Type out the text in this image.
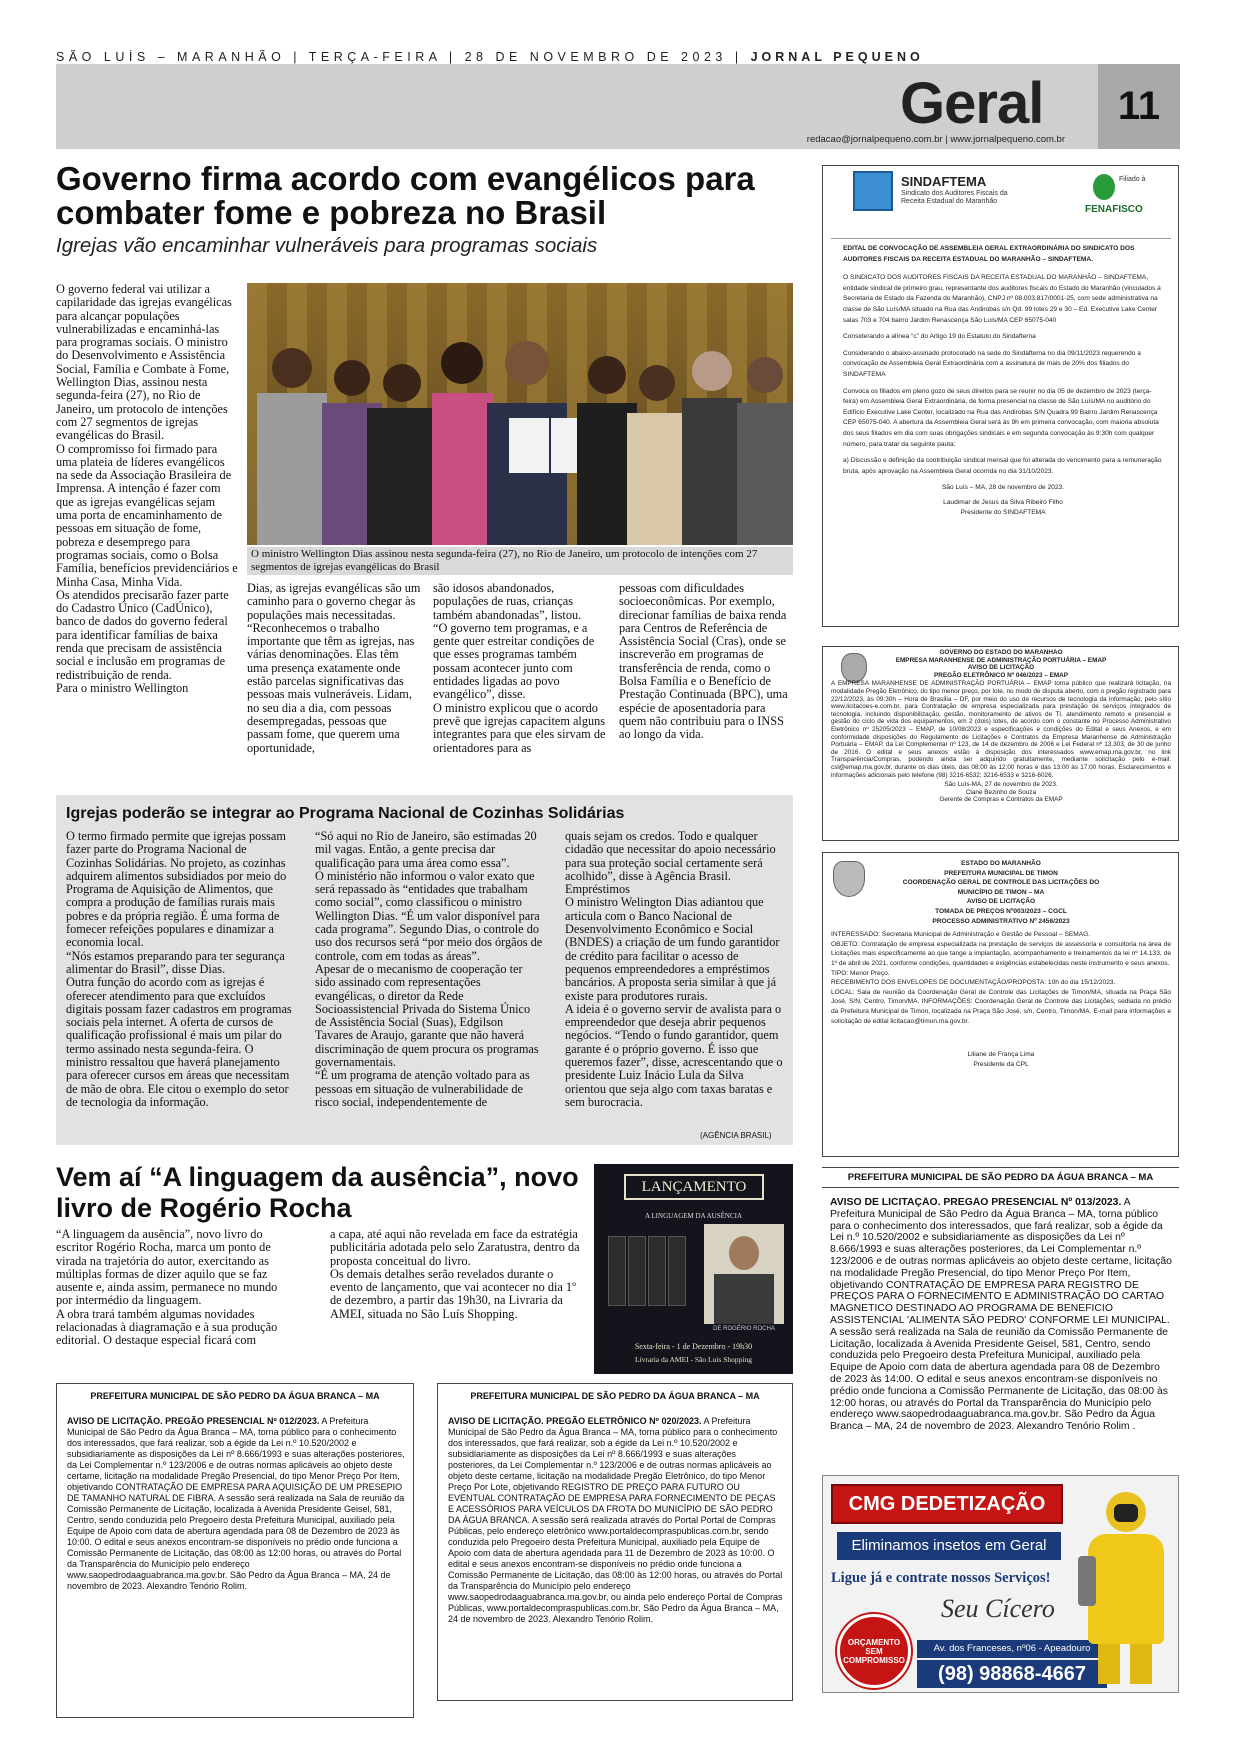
SÃO LUÍS – MARANHÃO | TERÇA-FEIRA | 28 DE NOVEMBRO DE 2023 | JORNAL PEQUENO
Geral	11
redacao@jornalpequeno.com.br | www.jornalpequeno.com.br
Governo firma acordo com evangélicos para combater fome e pobreza no Brasil
Igrejas vão encaminhar vulneráveis para programas sociais
O governo federal vai utilizar a capilaridade das igrejas evangélicas para alcançar populações vulnerabilizadas e encaminhá-las para programas sociais. O ministro do Desenvolvimento e Assistência Social, Família e Combate à Fome, Wellington Dias, assinou nesta segunda-feira (27), no Rio de Janeiro, um protocolo de intenções com 27 segmentos de igrejas evangélicas do Brasil.
O compromisso foi firmado para uma plateia de líderes evangélicos na sede da Associação Brasileira de Imprensa. A intenção é fazer com que as igrejas evangélicas sejam uma porta de encaminhamento de pessoas em situação de fome, pobreza e desemprego para programas sociais, como o Bolsa Família, benefícios previdenciários e Minha Casa, Minha Vida.
Os atendidos precisarão fazer parte do Cadastro Único (CadÚnico), banco de dados do governo federal para identificar famílias de baixa renda que precisam de assistência social e inclusão em programas de redistribuição de renda.
Para o ministro Wellington
O ministro Wellington Dias assinou nesta segunda-feira (27), no Rio de Janeiro, um protocolo de intenções com 27 segmentos de igrejas evangélicas do Brasil
Dias, as igrejas evangélicas são um caminho para o governo chegar às populações mais necessitadas. “Reconhecemos o trabalho importante que têm as igrejas, nas várias denominações. Elas têm uma presença exatamente onde estão parcelas significativas das pessoas mais vulneráveis. Lidam, no seu dia a dia, com pessoas desempregadas, pessoas que passam fome, que querem uma oportunidade,
são idosos abandonados, populações de ruas, crianças também abandonadas”, listou.
“O governo tem programas, e a gente quer estreitar condições de que esses programas também possam acontecer junto com entidades ligadas ao povo evangélico”, disse.
O ministro explicou que o acordo prevê que igrejas capacitem alguns integrantes para que eles sirvam de orientadores para as
pessoas com dificuldades socioeconômicas. Por exemplo, direcionar famílias de baixa renda para Centros de Referência de Assistência Social (Cras), onde se inscreverão em programas de transferência de renda, como o Bolsa Família e o Benefício de Prestação Continuada (BPC), uma espécie de aposentadoria para quem não contribuiu para o INSS ao longo da vida.
Igrejas poderão se integrar ao Programa Nacional de Cozinhas Solidárias
O termo firmado permite que igrejas possam fazer parte do Programa Nacional de Cozinhas Solidárias. No projeto, as cozinhas adquirem alimentos subsidiados por meio do Programa de Aquisição de Alimentos, que compra a produção de famílias rurais mais pobres e da própria região. É uma forma de fomecer refeições populares e dinamizar a economia local.
“Nós estamos preparando para ter segurança alimentar do Brasil”, disse Dias.
Outra função do acordo com as igrejas é oferecer atendimento para que excluídos digitais possam fazer cadastros em programas sociais pela internet. A oferta de cursos de qualificação profissional é mais um pilar do termo assinado nesta segunda-feira. O ministro ressaltou que haverá planejamento para oferecer cursos em áreas que necessitam de mão de obra. Ele citou o exemplo do setor de tecnologia da informação.
“Só aqui no Rio de Janeiro, são estimadas 20 mil vagas. Então, a gente precisa dar qualificação para uma área como essa”.
O ministério não informou o valor exato que será repassado às “entidades que trabalham como social”, como classificou o ministro Wellington Dias. “É um valor disponível para cada programa”. Segundo Dias, o controle do uso dos recursos será “por meio dos órgãos de controle, com em todas as áreas”.
Apesar de o mecanismo de cooperação ter sido assinado com representações evangélicas, o diretor da Rede Socioassistencial Privada do Sistema Único de Assistência Social (Suas), Edgilson Tavares de Araujo, garante que não haverá discriminação de quem procura os programas governamentais.
“É um programa de atenção voltado para as pessoas em situação de vulnerabilidade de risco social, independentemente de
quais sejam os credos. Todo e qualquer cidadão que necessitar do apoio necessário para sua proteção social certamente será acolhido”, disse à Agência Brasil.
Empréstimos
O ministro Welington Dias adiantou que articula com o Banco Nacional de Desenvolvimento Econômico e Social (BNDES) a criação de um fundo garantidor de crédito para facilitar o acesso de pequenos empreendedores a empréstimos bancários. A proposta seria similar à que já existe para produtores rurais.
A ideia é o governo servir de avalista para o empreendedor que deseja abrir pequenos negócios. “Tendo o fundo garantidor, quem garante é o próprio governo. É isso que queremos fazer”, disse, acrescentando que o presidente Luiz Inácio Lula da Silva orientou que seja algo com taxas baratas e sem burocracia.
(AGÊNCIA BRASIL)
Vem aí “A linguagem da ausência”, novo livro de Rogério Rocha
“A linguagem da ausência”, novo livro do escritor Rogério Rocha, marca um ponto de virada na trajetória do autor, exercitando as múltiplas formas de dizer aquilo que se faz ausente e, ainda assim, permanece no mundo por intermédio da linguagem.
A obra trará também algumas novidades relacionadas à diagramação e à sua produção editorial. O destaque especial ficará com
a capa, até aqui não revelada em face da estratégia publicitária adotada pelo selo Zaratustra, dentro da proposta conceitual do livro.
Os demais detalhes serão revelados durante o evento de lançamento, que vai acontecer no dia 1º de dezembro, a partir das 19h30, na Livraria da AMEI, situada no São Luís Shopping.
LANÇAMENTO
A LINGUAGEM DA AUSÊNCIA
DE ROGÉRIO ROCHA
Sexta-feira - 1 de Dezembro - 19h30
Livraria da AMEI - São Luís Shopping
PREFEITURA MUNICIPAL DE SÃO PEDRO DA ÁGUA BRANCA – MA
AVISO DE LICITAÇÃO. PREGÃO PRESENCIAL Nº 012/2023. A Prefeitura Municipal de São Pedro da Água Branca – MA, torna público para o conhecimento dos interessados, que fará realizar, sob a égide da Lei n.º 10.520/2002 e subsidiariamente as disposições da Lei nº 8.666/1993 e suas alterações posteriores, da Lei Complementar n.º 123/2006 e de outras normas aplicáveis ao objeto deste certame, licitação na modalidade Pregão Presencial, do tipo Menor Preço Por Item, objetivando CONTRATAÇÃO DE EMPRESA PARA AQUISIÇÃO DE UM PRESEPIO DE TAMANHO NATURAL DE FIBRA. A sessão será realizada na Sala de reunião da Comissão Permanente de Licitação, localizada à Avenida Presidente Geisel, 581, Centro, sendo conduzida pelo Pregoeiro desta Prefeitura Municipal, auxiliado pela Equipe de Apoio com data de abertura agendada para 08 de Dezembro de 2023 às 10:00. O edital e seus anexos encontram-se disponíveis no prédio onde funciona a Comissão Permanente de Licitação, das 08:00 às 12:00 horas, ou através do Portal da Transparência do Município pelo endereço www.saopedrodaaguabranca.ma.gov.br. São Pedro da Água Branca – MA, 24 de novembro de 2023. Alexandro Tenório Rolim.
PREFEITURA MUNICIPAL DE SÃO PEDRO DA ÁGUA BRANCA – MA
AVISO DE LICITAÇÃO. PREGÃO ELETRÔNICO Nº 020/2023. A Prefeitura Municipal de São Pedro da Água Branca – MA, torna público para o conhecimento dos interessados, que fará realizar, sob a égide da Lei n.º 10.520/2002 e subsidiariamente as disposições da Lei nº 8.666/1993 e suas alterações posteriores, da Lei Complementar n.º 123/2006 e de outras normas aplicáveis ao objeto deste certame, licitação na modalidade Pregão Eletrônico, do tipo Menor Preço Por Lote, objetivando REGISTRO DE PREÇO PARA FUTURO OU EVENTUAL CONTRATAÇÃO DE EMPRESA PARA FORNECIMENTO DE PEÇAS E ACESSÓRIOS PARA VEÍCULOS DA FROTA DO MUNICÍPIO DE SÃO PEDRO DA ÁGUA BRANCA. A sessão será realizada através do Portal Portal de Compras Públicas, pelo endereço eletrônico www.portaldecompraspublicas.com.br, sendo conduzida pelo Pregoeiro desta Prefeitura Municipal, auxiliado pela Equipe de Apoio com data de abertura agendada para 11 de Dezembro de 2023 às 10:00. O edital e seus anexos encontram-se disponíveis no prédio onde funciona a Comissão Permanente de Licitação, das 08:00 às 12:00 horas, ou através do Portal da Transparência do Município pelo endereço www.saopedrodaaguabranca.ma.gov.br, ou ainda pelo endereço Portal de Compras Públicas, www.portaldecompraspublicas.com.br. São Pedro da Água Branca – MA, 24 de novembro de 2023. Alexandro Tenório Rolim.
SINDAFTEMA
Sindicato dos Auditores Fiscais da Receita Estadual do Maranhão
Filiado à
FENAFISCO
EDITAL DE CONVOCAÇÃO DE ASSEMBLEIA GERAL EXTRAORDINÁRIA DO SINDICATO DOS AUDITORES FISCAIS DA RECEITA ESTADUAL DO MARANHÃO – SINDAFTEMA.
O SINDICATO DOS AUDITORES FISCAIS DA RECEITA ESTADUAL DO MARANHÃO – SINDAFTEMA, entidade sindical de primeiro grau, representante dos auditores fiscais do Estado do Maranhão (vinculados à Secretaria de Estado da Fazenda do Maranhão), CNPJ nº 08.003.817/0001-25, com sede administrativa na classe de São Luís/MA situado na Rua das Andirobas s/n Qd. 99 lotes 29 e 30 – Ed. Executive Lake Center salas 703 e 704 bairro Jardim Renascença São Luís/MA CEP 65075-040
Considerando a alínea “c” do Artigo 19 do Estatuto do Sindafterna
Considerando o abaixo-assinado protocolado na sede do Sindafterna no dia 09/11/2023 requerendo a convocação de Assembleia Geral Extraordinária com a assinatura de mais de 20% dos filiados do SINDAFTEMA
Convoca os filiados em pleno gozo de seus direitos para se reunir no dia 05 de dezembro de 2023 (terça-feira) em Assembleia Geral Extraordinária, de forma presencial na classe de São Luís/MA no auditório do Edifício Executive Lake Center, localizado na Rua das Andirobas S/N Quadra 99 Bairro Jardim Renascença CEP 65075-040. A abertura da Assembleia Geral será às 9h em primeira convocação, com maioria absoluta dos seus filiados em dia com suas obrigações sindicais e em segunda convocação às 9:30h com qualquer número, para tratar da seguinte pauta:
a) Discussão e definição da contribuição sindical mensal que foi alterada do vencimento para a remuneração bruta, após aprovação na Assembleia Geral ocorrida no dia 31/10/2023.
São Luís – MA, 28 de novembro de 2023.
Laudimar de Jesus da Silva Ribeiro Filho
Presidente do SINDAFTEMA
GOVERNO DO ESTADO DO MARANHÃO
EMPRESA MARANHENSE DE ADMINISTRAÇÃO PORTUÁRIA – EMAP
AVISO DE LICITAÇÃO
PREGÃO ELETRÔNICO Nº 046/2023 – EMAP
A EMPRESA MARANHENSE DE ADMINISTRAÇÃO PORTUÁRIA – EMAP torna público que realizará licitação, na modalidade Pregão Eletrônico, do tipo menor preço, por lote, no modo de disputa aberto, com o pregão registrado para 22/12/2023, às 09:30h – Hora de Brasília – DF, por meio do uso de recursos de tecnologia da informação, pelo sítio www.licitacoes-e.com.br, para Contratação de empresa especializada para prestação de serviços integrados de tecnologia, incluindo disponibilização, gestão, monitoramento de ativos de TI, atendimento remoto e presencial e gestão do ciclo de vida dos equipamentos, em 2 (dois) lotes, de acordo com o constante no Processo Administrativo Eletrônico nº 25205/2023 – EMAP, de 10/08/2023 e especificações e condições do Edital e seus Anexos, e em conformidade disposições do Regulamento de Licitações e Contratos da Empresa Maranhense de Administração Portuária – EMAP, da Lei Complementar nº 123, de 14 de dezembro de 2006 e Lei Federal nº 13.303, de 30 de junho de 2016. O edital e seus anexos estão à disposição dos interessados www.emap.ma.gov.br, no link Transparência/Compras, podendo ainda ser adquirido gratuitamente, mediante solicitação pelo e-mail: csl@emap.ma.gov.br, durante os dias úteis, das 08:00 às 12:00 horas e das 13:00 às 17:00 horas. Esclarecimentos e informações adicionais pelo telefone (98) 3216-6532; 3216-6533 e 3216-6026.
São Luís-MA, 27 de novembro de 2023.
Clane Bezinho de Souza
Gerente de Compras e Contratos da EMAP
ESTADO DO MARANHÃO
PREFEITURA MUNICIPAL DE TIMON
COORDENAÇÃO GERAL DE CONTROLE DAS LICITAÇÕES DO MUNICÍPIO DE TIMON – MA
AVISO DE LICITAÇÃO
TOMADA DE PREÇOS Nº003/2023 – CGCL
PROCESSO ADMINISTRATIVO Nº 2456/2023
INTERESSADO: Secretaria Municipal de Administração e Gestão de Pessoal – SEMAG.
OBJETO: Contratação de empresa especializada na prestação de serviços de assessoria e consultoria na área de Licitações mais especificamente ao que tange a implantação, acompanhamento e treinamentos da lei nº 14.133, de 1º de abril de 2021, conforme condições, quantidades e exigências estabelecidas neste instrumento e seus anexos.
TIPO: Menor Preço.
RECEBIMENTO DOS ENVELOPES DE DOCUMENTAÇÃO/PROPOSTA: 10h do dia 15/12/2023.
LOCAL: Sala de reunião da Coordenação Geral de Controle das Licitações de Timon/MA, situada na Praça São José, S/N, Centro, Timon/MA. INFORMAÇÕES: Coordenação Geral de Controle das Licitações, sediada no prédio da Prefeitura Municipal de Timon, localizada na Praça São José, s/n, Centro, Timon/MA. E-mail para informações e solicitação de edital licitacao@timon.ma.gov.br.
Liliane de França Lima
Presidente da CPL
PREFEITURA MUNICIPAL DE SÃO PEDRO DA ÁGUA BRANCA – MA
AVISO DE LICITAÇÃO. PREGÃO PRESENCIAL Nº 013/2023. A Prefeitura Municipal de São Pedro da Água Branca – MA, torna público para o conhecimento dos interessados, que fará realizar, sob a égide da Lei n.º 10.520/2002 e subsidiariamente as disposições da Lei nº 8.666/1993 e suas alterações posteriores, da Lei Complementar n.º 123/2006 e de outras normas aplicáveis ao objeto deste certame, licitação na modalidade Pregão Presencial, do tipo Menor Preço Por Item, objetivando CONTRATAÇÃO DE EMPRESA PARA REGISTRO DE PREÇOS PARA O FORNECIMENTO E ADMINISTRAÇÃO DO CARTAO MAGNETICO DESTINADO AO PROGRAMA DE BENEFICIO ASSISTENCIAL 'ALIMENTA SÃO PEDRO' CONFORME LEI MUNICIPAL. A sessão será realizada na Sala de reunião da Comissão Permanente de Licitação, localizada à Avenida Presidente Geisel, 581, Centro, sendo conduzida pelo Pregoeiro desta Prefeitura Municipal, auxiliado pela Equipe de Apoio com data de abertura agendada para 08 de Dezembro de 2023 às 14:00. O edital e seus anexos encontram-se disponíveis no prédio onde funciona a Comissão Permanente de Licitação, das 08:00 às 12:00 horas, ou através do Portal da Transparência do Município pelo endereço www.saopedrodaaguabranca.ma.gov.br. São Pedro da Água Branca – MA, 24 de novembro de 2023. Alexandro Tenório Rolim .
CMG DEDETIZAÇÃO
Eliminamos insetos em Geral
Ligue já e contrate nossos Serviços!
Seu Cícero
ORÇAMENTO SEM COMPROMISSO
Av. dos Franceses, nº06 - Apeadouro
(98) 98868-4667
